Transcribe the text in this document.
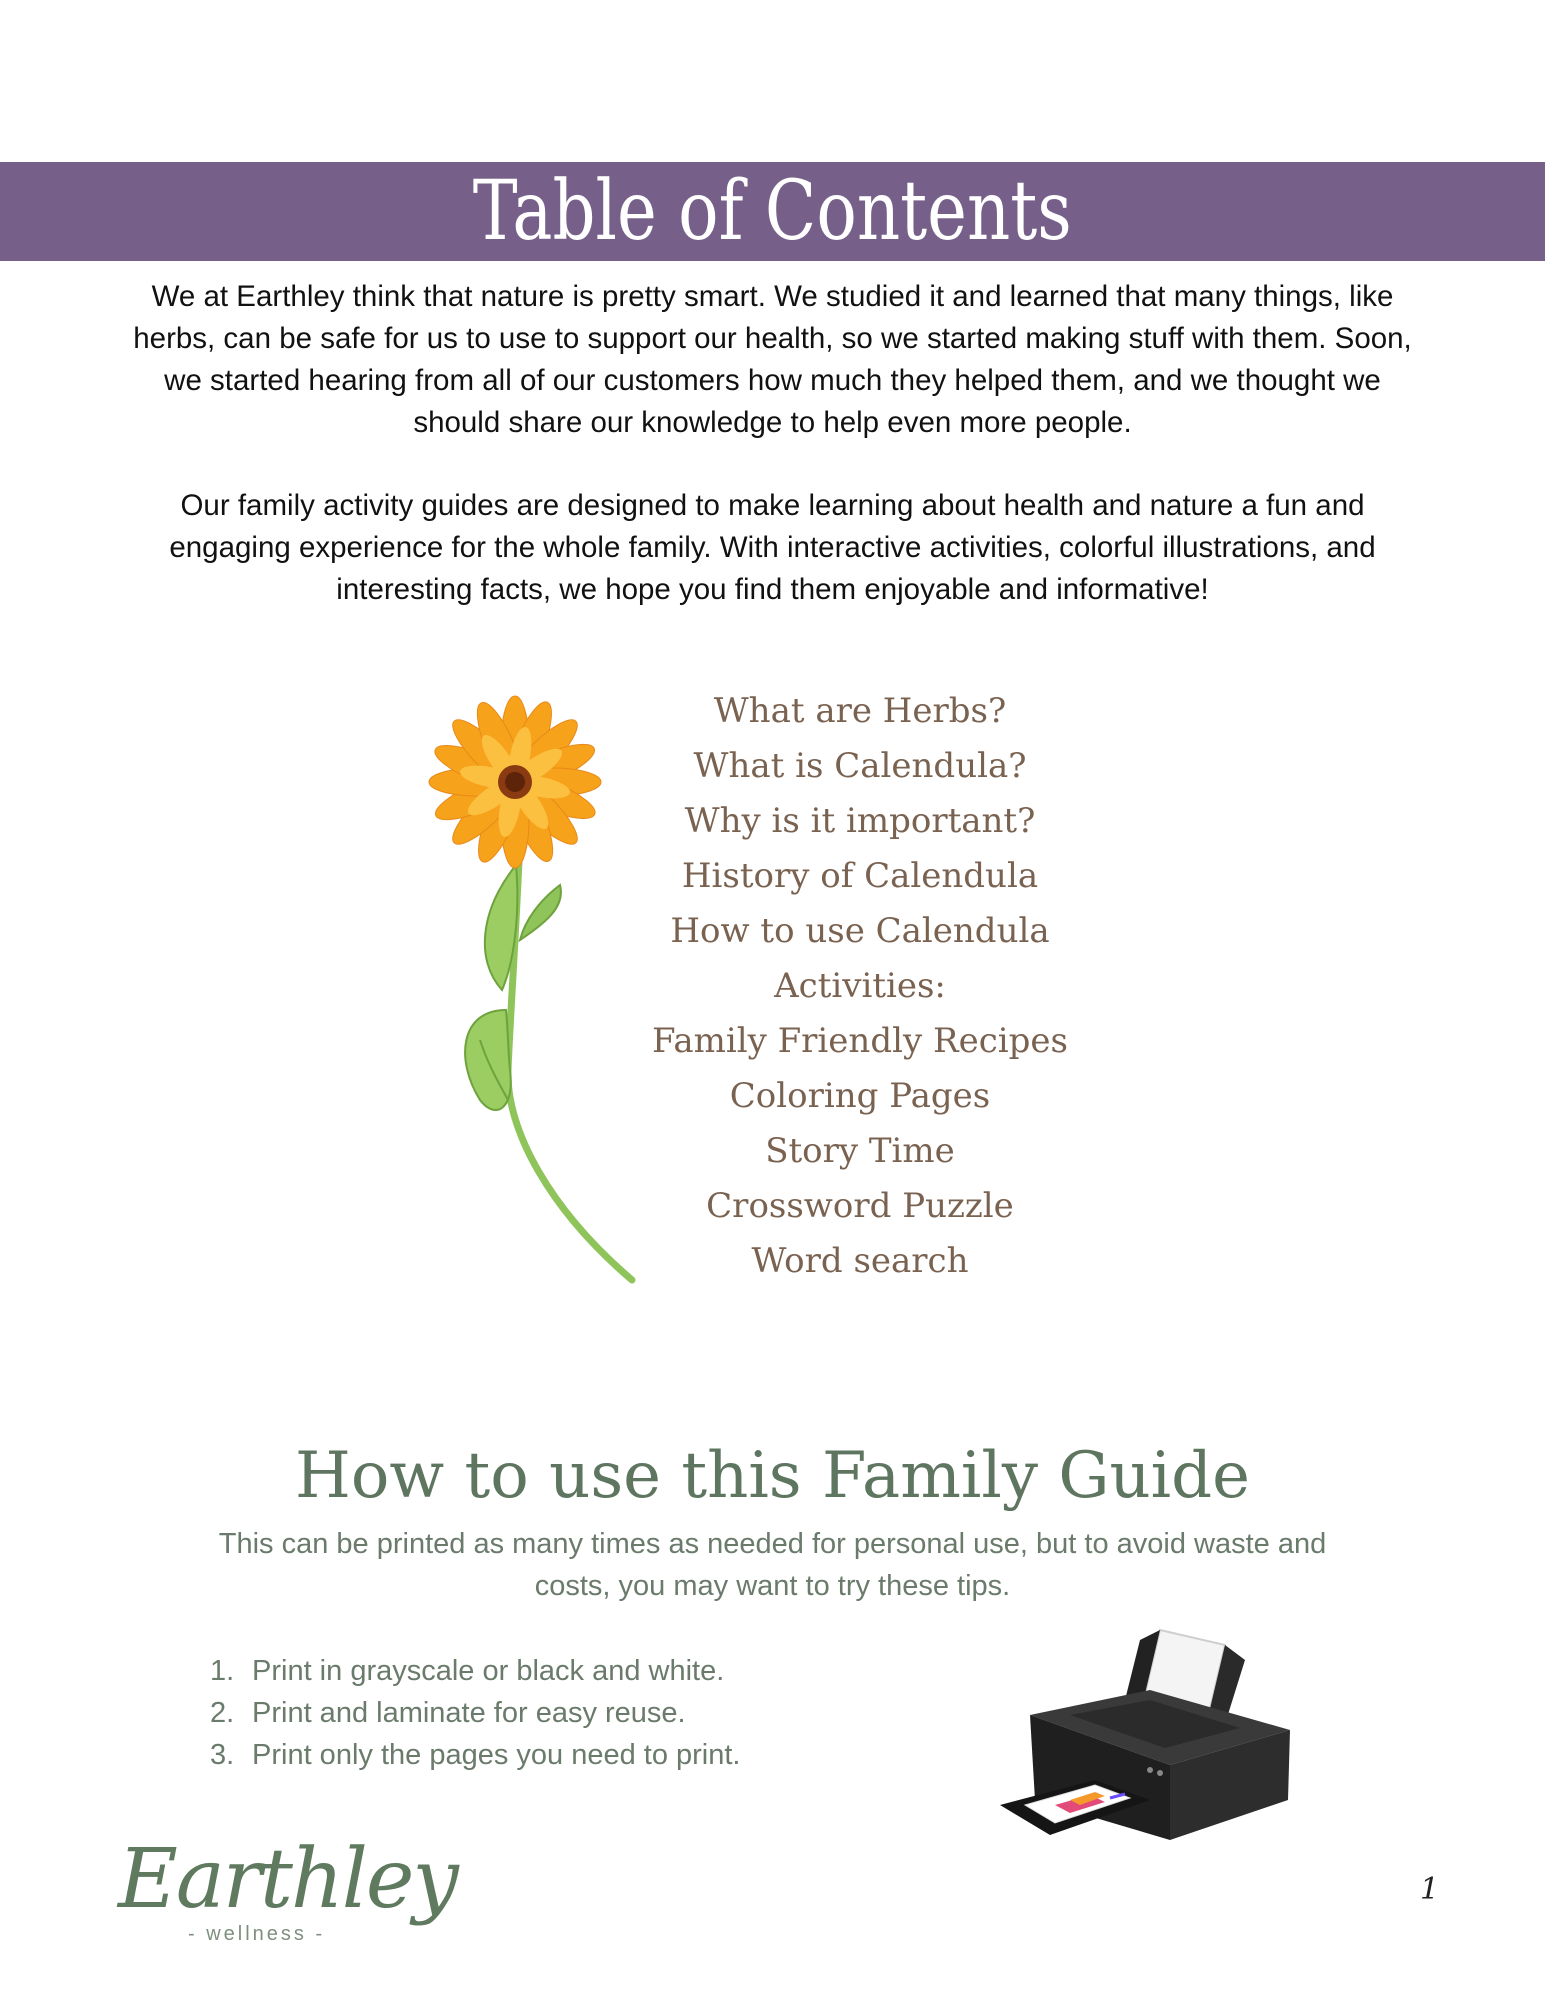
Table of Contents

We at Earthley think that nature is pretty smart. We studied it and learned that many things, like herbs, can be safe for us to use to support our health, so we started making stuff with them. Soon, we started hearing from all of our customers how much they helped them, and we thought we should share our knowledge to help even more people.

Our family activity guides are designed to make learning about health and nature a fun and engaging experience for the whole family. With interactive activities, colorful illustrations, and interesting facts, we hope you find them enjoyable and informative!

What are Herbs?
What is Calendula?
Why is it important?
History of Calendula
How to use Calendula
Activities:
Family Friendly Recipes
Coloring Pages
Story Time
Crossword Puzzle
Word search
How to use this Family Guide

This can be printed as many times as needed for personal use, but to avoid waste and costs, you may want to try these tips.

1. Print in grayscale or black and white.
2. Print and laminate for easy reuse.
3. Print only the pages you need to print.
Earthley
- wellness -
1
